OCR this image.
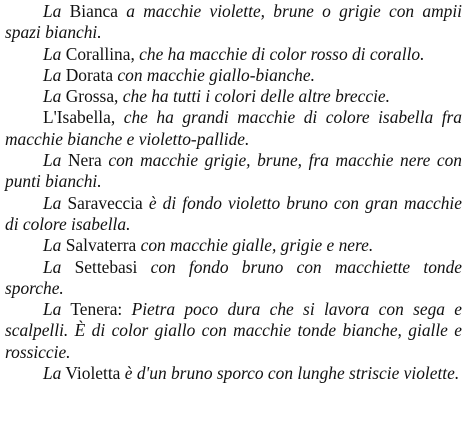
La Bianca a macchie violette, brune o grigie con ampii spazi bianchi.

La Corallina, che ha macchie di color rosso di corallo.

La Dorata con macchie giallo-bianche.

La Grossa, che ha tutti i colori delle altre breccie.

L'Isabella, che ha grandi macchie di colore isabella fra macchie bianche e violetto-pallide.

La Nera con macchie grigie, brune, fra macchie nere con punti bianchi.

La Saraveccia è di fondo violetto bruno con gran macchie di colore isabella.

La Salvaterra con macchie gialle, grigie e nere.

La Settebasi con fondo bruno con macchiette tonde sporche.

La Tenera: Pietra poco dura che si lavora con sega e scalpelli. È di color giallo con macchie tonde bianche, gialle e rossiccie.

La Violetta è d'un bruno sporco con lunghe striscie violette.
